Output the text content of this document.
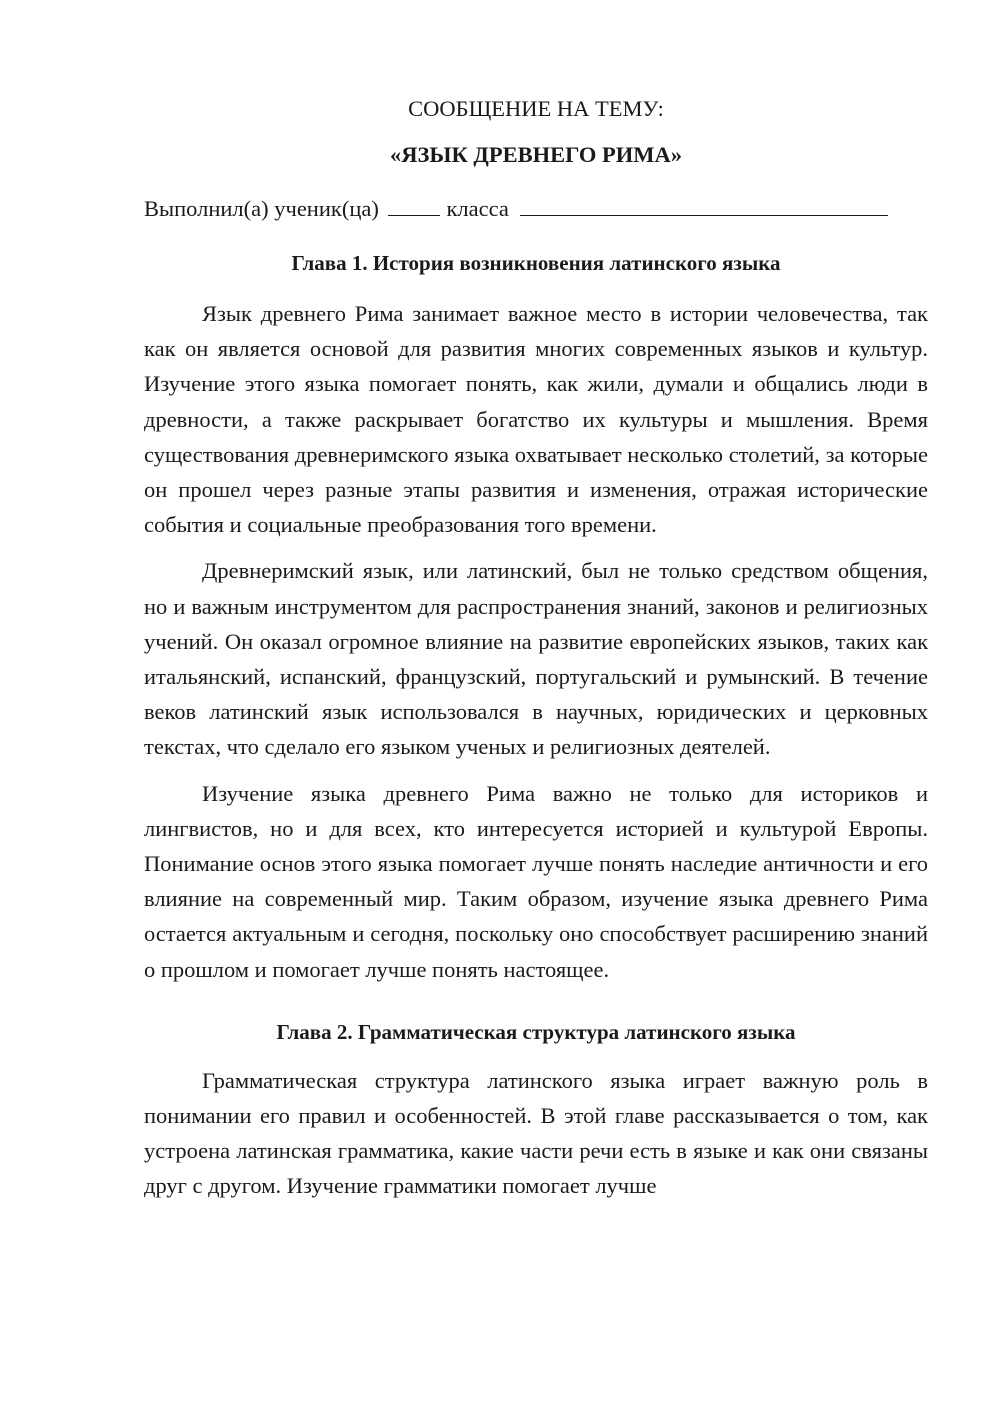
СООБЩЕНИЕ НА ТЕМУ:

«ЯЗЫК ДРЕВНЕГО РИМА»

Выполнил(а) ученик(ца)	класса

Глава 1. История возникновения латинского языка

Язык древнего Рима занимает важное место в истории человечества, так как он является основой для развития многих современных языков и культур. Изучение этого языка помогает понять, как жили, думали и общались люди в древности, а также раскрывает богатство их культуры и мышления. Время существования древнеримского языка охватывает несколько столетий, за которые он прошел через разные этапы развития и изменения, отражая исторические события и социальные преобразования того времени.

Древнеримский язык, или латинский, был не только средством общения, но и важным инструментом для распространения знаний, законов и религиозных учений. Он оказал огромное влияние на развитие европейских языков, таких как итальянский, испанский, французский, португальский и румынский. В течение веков латинский язык использовался в научных, юридических и церковных текстах, что сделало его языком ученых и религиозных деятелей.

Изучение языка древнего Рима важно не только для историков и лингвистов, но и для всех, кто интересуется историей и культурой Европы. Понимание основ этого языка помогает лучше понять наследие античности и его влияние на современный мир. Таким образом, изучение языка древнего Рима остается актуальным и сегодня, поскольку оно способствует расширению знаний о прошлом и помогает лучше понять настоящее.

Глава 2. Грамматическая структура латинского языка

Грамматическая структура латинского языка играет важную роль в понимании его правил и особенностей. В этой главе рассказывается о том, как устроена латинская грамматика, какие части речи есть в языке и как они связаны друг с другом. Изучение грамматики помогает лучше
